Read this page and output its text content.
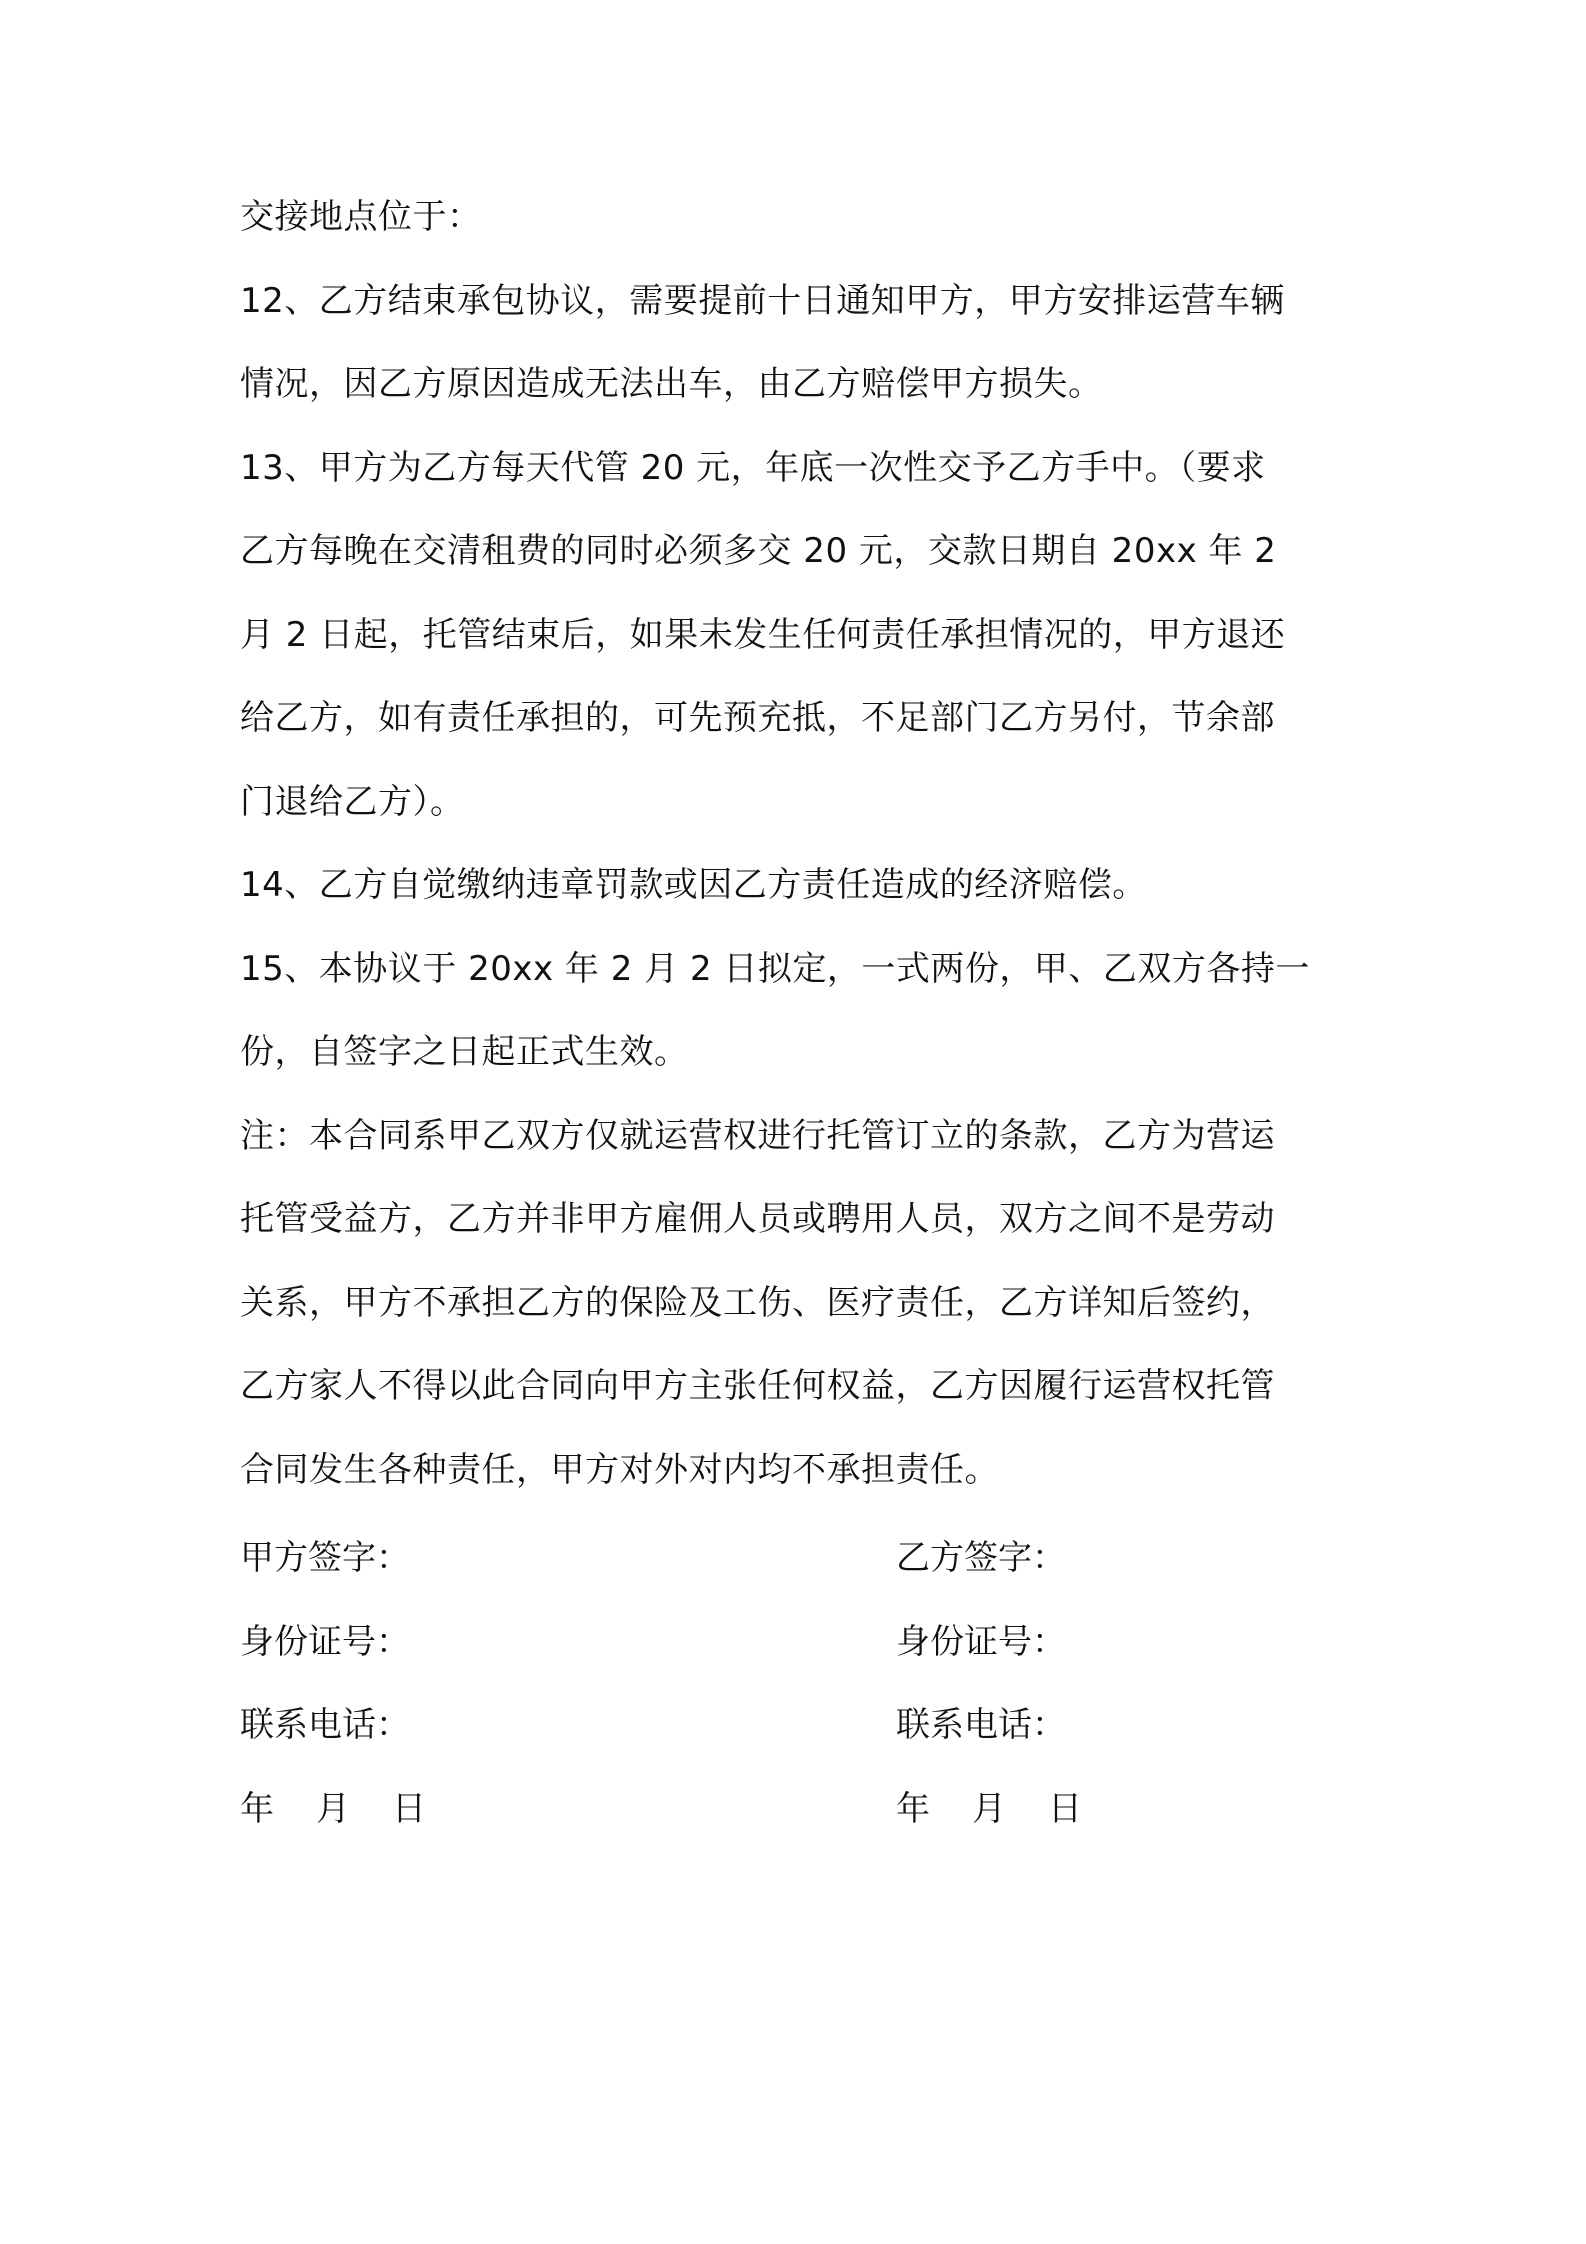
交接地点位于：
12、乙方结束承包协议，需要提前十日通知甲方，甲方安排运营车辆
情况，因乙方原因造成无法出车，由乙方赔偿甲方损失。
13、甲方为乙方每天代管 20 元，年底一次性交予乙方手中。（要求
乙方每晚在交清租费的同时必须多交 20 元，交款日期自 20xx 年 2
月 2 日起，托管结束后，如果未发生任何责任承担情况的，甲方退还
给乙方，如有责任承担的，可先预充抵，不足部门乙方另付，节余部
门退给乙方）。
14、乙方自觉缴纳违章罚款或因乙方责任造成的经济赔偿。
15、本协议于 20xx 年 2 月 2 日拟定，一式两份，甲、乙双方各持一
份，自签字之日起正式生效。
注：本合同系甲乙双方仅就运营权进行托管订立的条款，乙方为营运
托管受益方，乙方并非甲方雇佣人员或聘用人员，双方之间不是劳动
关系，甲方不承担乙方的保险及工伤、医疗责任，乙方详知后签约，
乙方家人不得以此合同向甲方主张任何权益，乙方因履行运营权托管
合同发生各种责任，甲方对外对内均不承担责任。
甲方签字：	乙方签字：
身份证号：	身份证号：
联系电话：	联系电话：
年 月 日	年 月 日
